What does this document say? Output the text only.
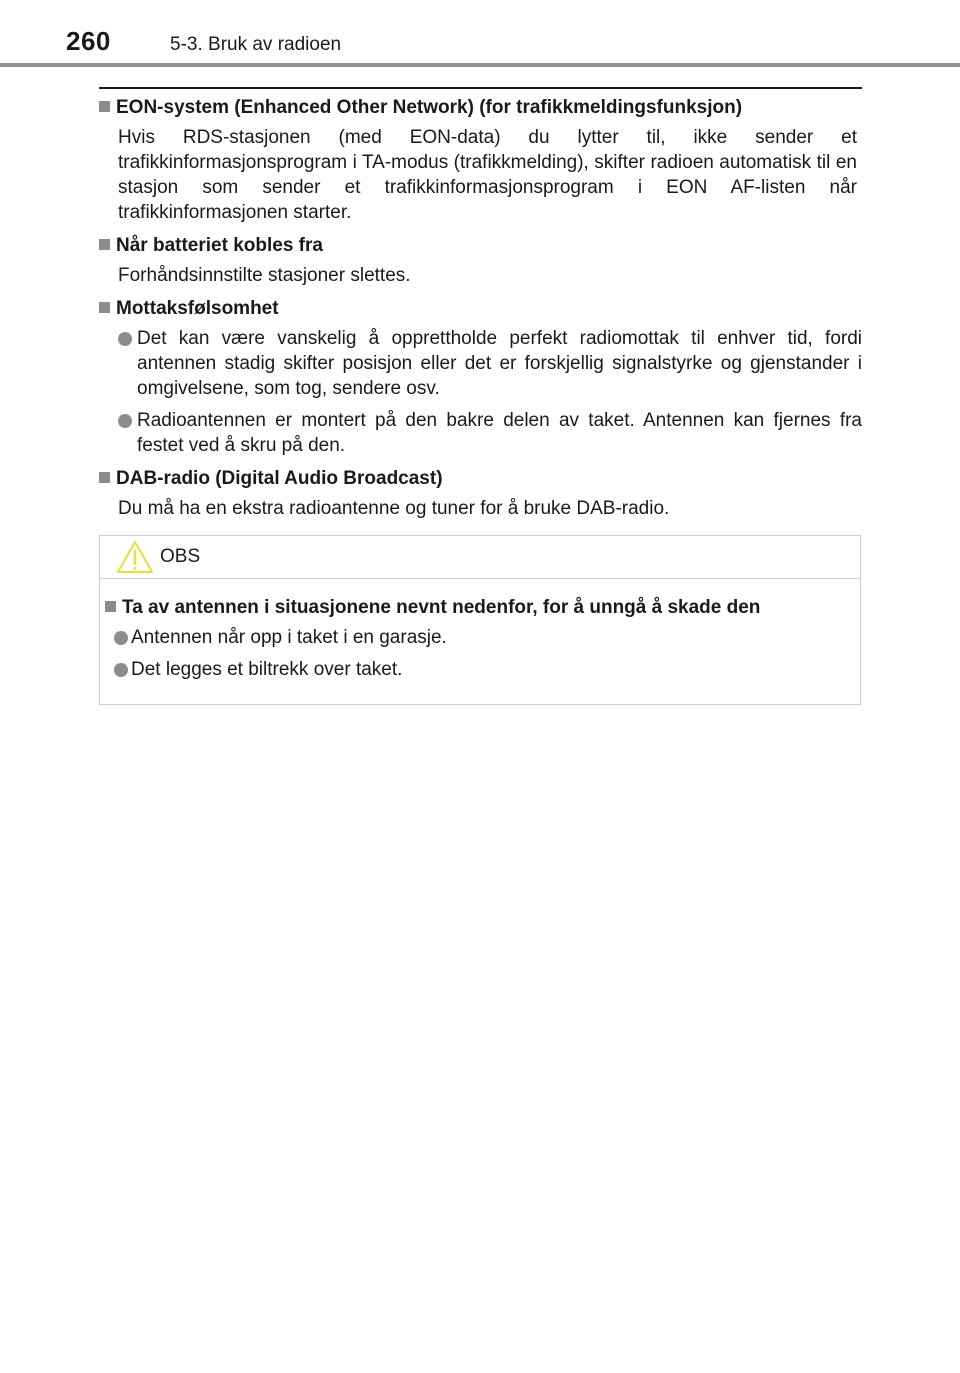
260	5-3. Bruk av radioen
EON-system (Enhanced Other Network) (for trafikkmeldingsfunksjon)
Hvis RDS-stasjonen (med EON-data) du lytter til, ikke sender et trafikkinformasjonsprogram i TA-modus (trafikkmelding), skifter radioen automatisk til en stasjon som sender et trafikkinformasjonsprogram i EON AF-listen når trafikkinformasjonen starter.
Når batteriet kobles fra
Forhåndsinnstilte stasjoner slettes.
Mottaksfølsomhet
Det kan være vanskelig å opprettholde perfekt radiomottak til enhver tid, fordi antennen stadig skifter posisjon eller det er forskjellig signalstyrke og gjenstander i omgivelsene, som tog, sendere osv.
Radioantennen er montert på den bakre delen av taket. Antennen kan fjernes fra festet ved å skru på den.
DAB-radio (Digital Audio Broadcast)
Du må ha en ekstra radioantenne og tuner for å bruke DAB-radio.
OBS
Ta av antennen i situasjonene nevnt nedenfor, for å unngå å skade den
Antennen når opp i taket i en garasje.
Det legges et biltrekk over taket.
